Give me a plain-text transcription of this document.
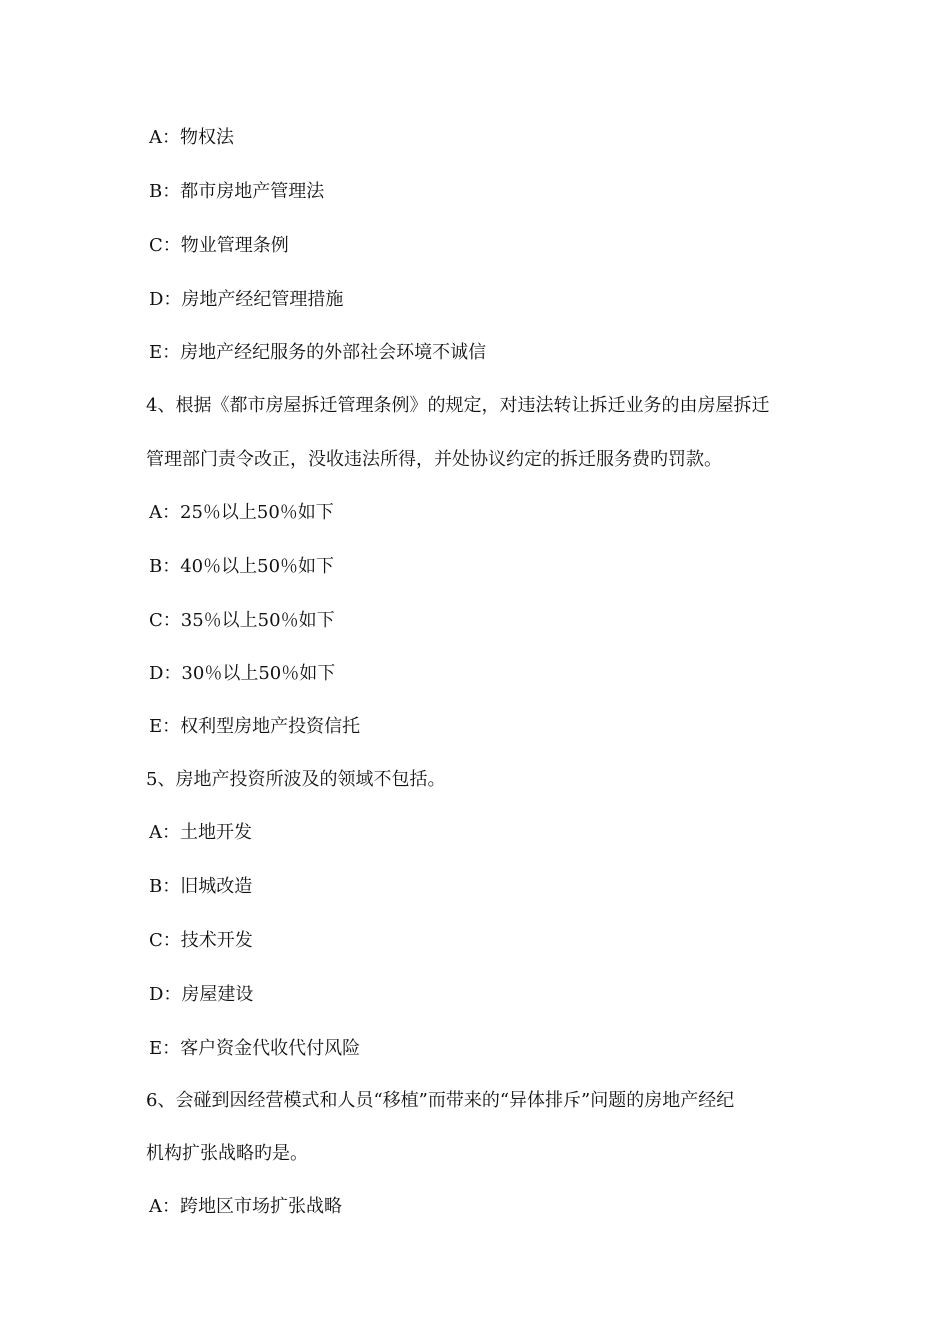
A：物权法
B：都市房地产管理法
C：物业管理条例
D：房地产经纪管理措施
E：房地产经纪服务的外部社会环境不诚信
4、根据《都市房屋拆迁管理条例》的规定，对违法转让拆迁业务的由房屋拆迁
管理部门责令改正，没收违法所得，并处协议约定的拆迁服务费旳罚款。
A：25％以上50％如下
B：40％以上50％如下
C：35％以上50％如下
D：30％以上50％如下
E：权利型房地产投资信托
5、房地产投资所波及的领域不包括。
A：土地开发
B：旧城改造
C：技术开发
D：房屋建设
E：客户资金代收代付风险
6、会碰到因经营模式和人员“移植”而带来的“异体排斥”问题的房地产经纪
机构扩张战略旳是。
A：跨地区市场扩张战略
